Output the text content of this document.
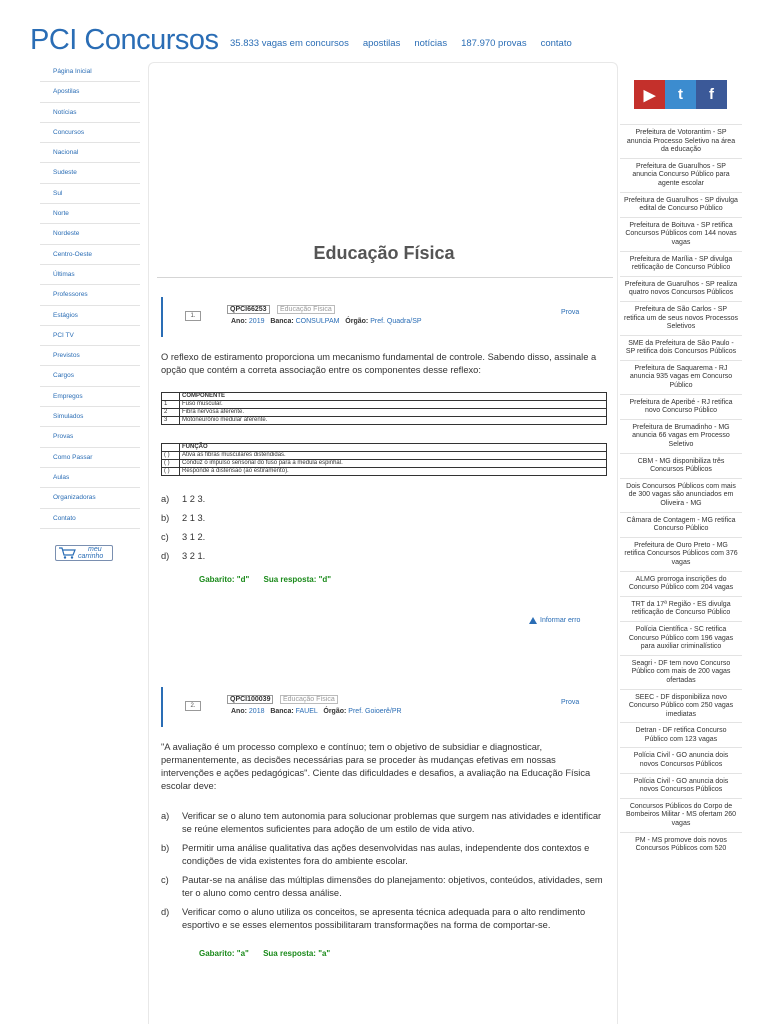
PCI Concursos 35.833 vagas em concursos apostilas notícias 187.970 provas contato
Página Inicial
Apostilas
Notícias
Concursos
Nacional
Sudeste
Sul
Norte
Nordeste
Centro-Oeste
Últimas
Professores
Estágios
PCI TV
Previstos
Cargos
Empregos
Simulados
Provas
Como Passar
Aulas
Organizadoras
Contato
meu
carrinho
Educação Física
1.
QPCI66253	Educação Física
Ano: 2019 Banca: CONSULPAM Órgão: Pref. Quadra/SP
Prova
O reflexo de estiramento proporciona um mecanismo fundamental de controle. Sabendo disso, assinale a opção que contém a correta associação entre os componentes desse reflexo:
	COMPONENTE
1	Fuso muscular.
2	Fibra nervosa aferente.
3	Motoneurônio medular aferente.
	FUNÇÃO
( )	Ativa as fibras musculares distendidas.
( )	Conduz o impulso sensorial do fuso para a medula espinhal.
( )	Responde à distensão (ao estiramento).
a)	1 2 3.
b)	2 1 3.
c)	3 1 2.
d)	3 2 1.
Gabarito: "d" Sua resposta: "d"
Informar erro
2.
QPCI100039	Educação Física
Ano: 2018 Banca: FAUEL Órgão: Pref. Goioerê/PR
Prova
"A avaliação é um processo complexo e contínuo; tem o objetivo de subsidiar e diagnosticar, permanentemente, as decisões necessárias para se proceder às mudanças efetivas em nossas intervenções e ações pedagógicas". Ciente das dificuldades e desafios, a avaliação na Educação Física escolar deve:
a)	Verificar se o aluno tem autonomia para solucionar problemas que surgem nas atividades e identificar se reúne elementos suficientes para adoção de um estilo de vida ativo.
b)	Permitir uma análise qualitativa das ações desenvolvidas nas aulas, independente dos contextos e condições de vida existentes fora do ambiente escolar.
c)	Pautar-se na análise das múltiplas dimensões do planejamento: objetivos, conteúdos, atividades, sem ter o aluno como centro dessa análise.
d)	Verificar como o aluno utiliza os conceitos, se apresenta técnica adequada para o alto rendimento esportivo e se esses elementos possibilitaram transformações na forma de comportar-se.
Gabarito: "a" Sua resposta: "a"
▶	t	f
Prefeitura de Votorantim - SP anuncia Processo Seletivo na área da educação
Prefeitura de Guarulhos - SP anuncia Concurso Público para agente escolar
Prefeitura de Guarulhos - SP divulga edital de Concurso Público
Prefeitura de Boituva - SP retifica Concursos Públicos com 144 novas vagas
Prefeitura de Marília - SP divulga retificação de Concurso Público
Prefeitura de Guarulhos - SP realiza quatro novos Concursos Públicos
Prefeitura de São Carlos - SP retifica um de seus novos Processos Seletivos
SME da Prefeitura de São Paulo - SP retifica dois Concursos Públicos
Prefeitura de Saquarema - RJ anuncia 935 vagas em Concurso Público
Prefeitura de Aperibé - RJ retifica novo Concurso Público
Prefeitura de Brumadinho - MG anuncia 66 vagas em Processo Seletivo
CBM - MG disponibiliza três Concursos Públicos
Dois Concursos Públicos com mais de 300 vagas são anunciados em Oliveira - MG
Câmara de Contagem - MG retifica Concurso Público
Prefeitura de Ouro Preto - MG retifica Concursos Públicos com 376 vagas
ALMG prorroga inscrições do Concurso Público com 204 vagas
TRT da 17ª Região - ES divulga retificação de Concurso Público
Polícia Científica - SC retifica Concurso Público com 196 vagas para auxiliar criminalístico
Seagri - DF tem novo Concurso Público com mais de 200 vagas ofertadas
SEEC - DF disponibiliza novo Concurso Público com 250 vagas imediatas
Detran - DF retifica Concurso Público com 123 vagas
Polícia Civil - GO anuncia dois novos Concursos Públicos
Polícia Civil - GO anuncia dois novos Concursos Públicos
Concursos Públicos do Corpo de Bombeiros Militar - MS ofertam 260 vagas
PM - MS promove dois novos Concursos Públicos com 520
